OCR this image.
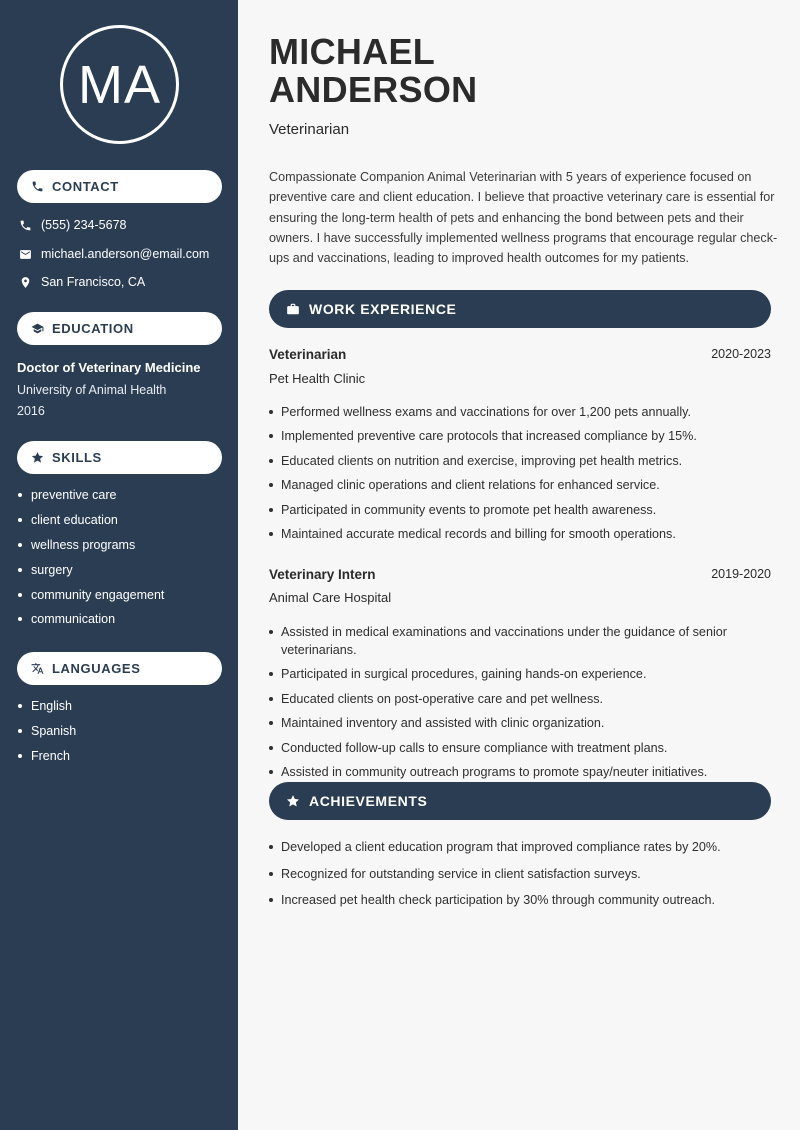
MA
CONTACT
(555) 234-5678
michael.anderson@email.com
San Francisco, CA
EDUCATION
Doctor of Veterinary Medicine
University of Animal Health
2016
SKILLS
preventive care
client education
wellness programs
surgery
community engagement
communication
LANGUAGES
English
Spanish
French
MICHAEL
ANDERSON
Veterinarian

Compassionate Companion Animal Veterinarian with 5 years of experience focused on preventive care and client education. I believe that proactive veterinary care is essential for ensuring the long-term health of pets and enhancing the bond between pets and their owners. I have successfully implemented wellness programs that encourage regular check-ups and vaccinations, leading to improved health outcomes for my patients.

WORK EXPERIENCE
Veterinarian	2020-2023
Pet Health Clinic
Performed wellness exams and vaccinations for over 1,200 pets annually.
Implemented preventive care protocols that increased compliance by 15%.
Educated clients on nutrition and exercise, improving pet health metrics.
Managed clinic operations and client relations for enhanced service.
Participated in community events to promote pet health awareness.
Maintained accurate medical records and billing for smooth operations.
Veterinary Intern	2019-2020
Animal Care Hospital
Assisted in medical examinations and vaccinations under the guidance of senior veterinarians.
Participated in surgical procedures, gaining hands-on experience.
Educated clients on post-operative care and pet wellness.
Maintained inventory and assisted with clinic organization.
Conducted follow-up calls to ensure compliance with treatment plans.
Assisted in community outreach programs to promote spay/neuter initiatives.
ACHIEVEMENTS
Developed a client education program that improved compliance rates by 20%.
Recognized for outstanding service in client satisfaction surveys.
Increased pet health check participation by 30% through community outreach.
